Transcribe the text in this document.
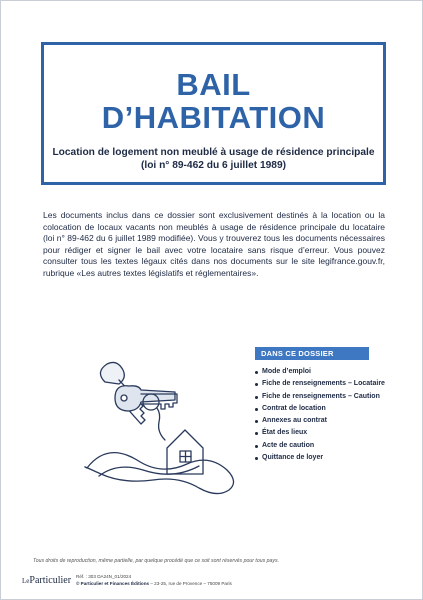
BAIL
D’HABITATION
Location de logement non meublé à usage de résidence principale
(loi n° 89-462 du 6 juillet 1989)
Les documents inclus dans ce dossier sont exclusivement destinés à la location ou la colocation de locaux vacants non meublés à usage de résidence principale du locataire (loi n° 89-462 du 6 juillet 1989 modifiée). Vous y trouverez tous les documents nécessaires pour rédiger et signer le bail avec votre locataire sans risque d’erreur. Vous pouvez consulter tous les textes légaux cités dans nos documents sur le site legifrance.gouv.fr, rubrique «Les autres textes législatifs et réglementaires».
DANS CE DOSSIER
Mode d’emploi
Fiche de renseignements – Locataire
Fiche de renseignements – Caution
Contrat de location
Annexes au contrat
État des lieux
Acte de caution
Quittance de loyer
Tous droits de reproduction, même partielle, par quelque procédé que ce soit sont réservés pour tous pays.
LeParticulier Réf. : 303 DA24N_01/2024
© Particulier et Finances Éditions – 23-25, rue de Provence – 75009 Paris
